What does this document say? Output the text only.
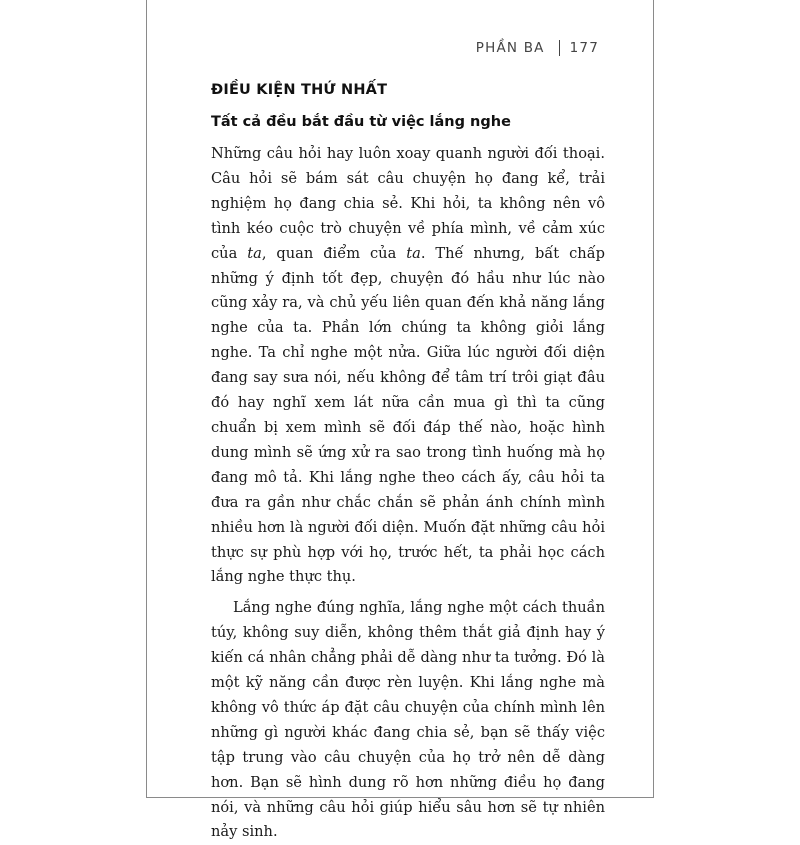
PHẦN BA 177
ĐIỀU KIỆN THỨ NHẤT
Tất cả đều bắt đầu từ việc lắng nghe

Những câu hỏi hay luôn xoay quanh người đối thoại. Câu hỏi sẽ bám sát câu chuyện họ đang kể, trải nghiệm họ đang chia sẻ. Khi hỏi, ta không nên vô tình kéo cuộc trò chuyện về phía mình, về cảm xúc của ta, quan điểm của ta. Thế nhưng, bất chấp những ý định tốt đẹp, chuyện đó hầu như lúc nào cũng xảy ra, và chủ yếu liên quan đến khả năng lắng nghe của ta. Phần lớn chúng ta không giỏi lắng nghe. Ta chỉ nghe một nửa. Giữa lúc người đối diện đang say sưa nói, nếu không để tâm trí trôi giạt đâu đó hay nghĩ xem lát nữa cần mua gì thì ta cũng chuẩn bị xem mình sẽ đối đáp thế nào, hoặc hình dung mình sẽ ứng xử ra sao trong tình huống mà họ đang mô tả. Khi lắng nghe theo cách ấy, câu hỏi ta đưa ra gần như chắc chắn sẽ phản ánh chính mình nhiều hơn là người đối diện. Muốn đặt những câu hỏi thực sự phù hợp với họ, trước hết, ta phải học cách lắng nghe thực thụ.

Lắng nghe đúng nghĩa, lắng nghe một cách thuần túy, không suy diễn, không thêm thắt giả định hay ý kiến cá nhân chẳng phải dễ dàng như ta tưởng. Đó là một kỹ năng cần được rèn luyện. Khi lắng nghe mà không vô thức áp đặt câu chuyện của chính mình lên những gì người khác đang chia sẻ, bạn sẽ thấy việc tập trung vào câu chuyện của họ trở nên dễ dàng hơn. Bạn sẽ hình dung rõ hơn những điều họ đang nói, và những câu hỏi giúp hiểu sâu hơn sẽ tự nhiên nảy sinh.
